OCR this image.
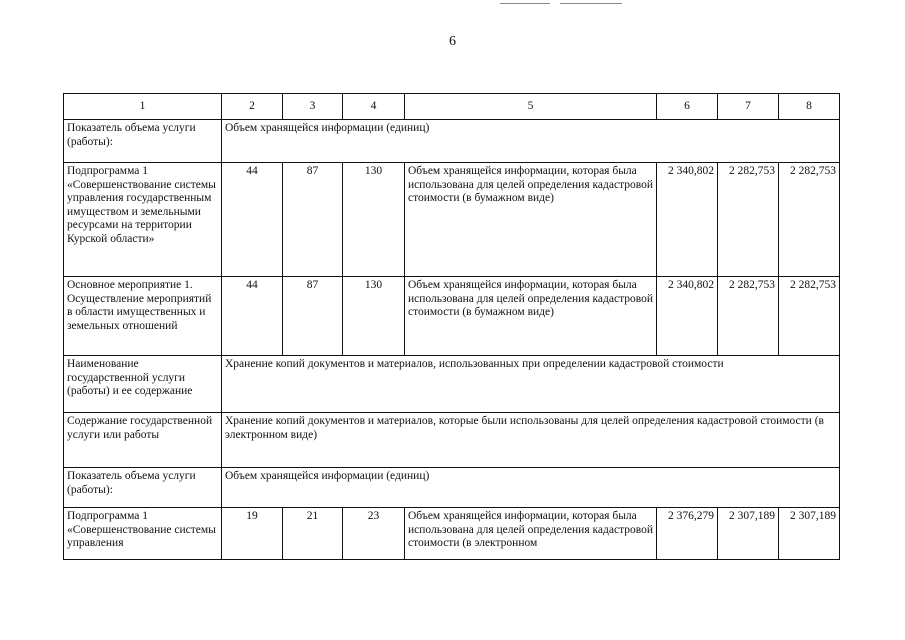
6
1	2	3	4	5	6	7	8
Показатель объема услуги (работы):	Объем хранящейся информации (единиц)						
Подпрограмма 1 «Совершенствование системы управления государственным имуществом и земельными ресурсами на территории Курской области»	44	87	130	Объем хранящейся информации, которая была использована для целей определения кадастровой стоимости (в бумажном виде)	2 340,802	2 282,753	2 282,753
Основное мероприятие 1. Осуществление мероприятий в области имущественных и земельных отношений	44	87	130	Объем хранящейся информации, которая была использована для целей определения кадастровой стоимости (в бумажном виде)	2 340,802	2 282,753	2 282,753
Наименование государственной услуги (работы) и ее содержание	Хранение копий документов и материалов, использованных при определении кадастровой стоимости						
Содержание государственной услуги или работы	Хранение копий документов и материалов, которые были использованы для целей определения кадастровой стоимости (в электронном виде)						
Показатель объема услуги (работы):	Объем хранящейся информации (единиц)						
Подпрограмма 1 «Совершенствование системы управления	19	21	23	Объем хранящейся информации, которая была использована для целей определения кадастровой стоимости (в электронном	2 376,279	2 307,189	2 307,189
